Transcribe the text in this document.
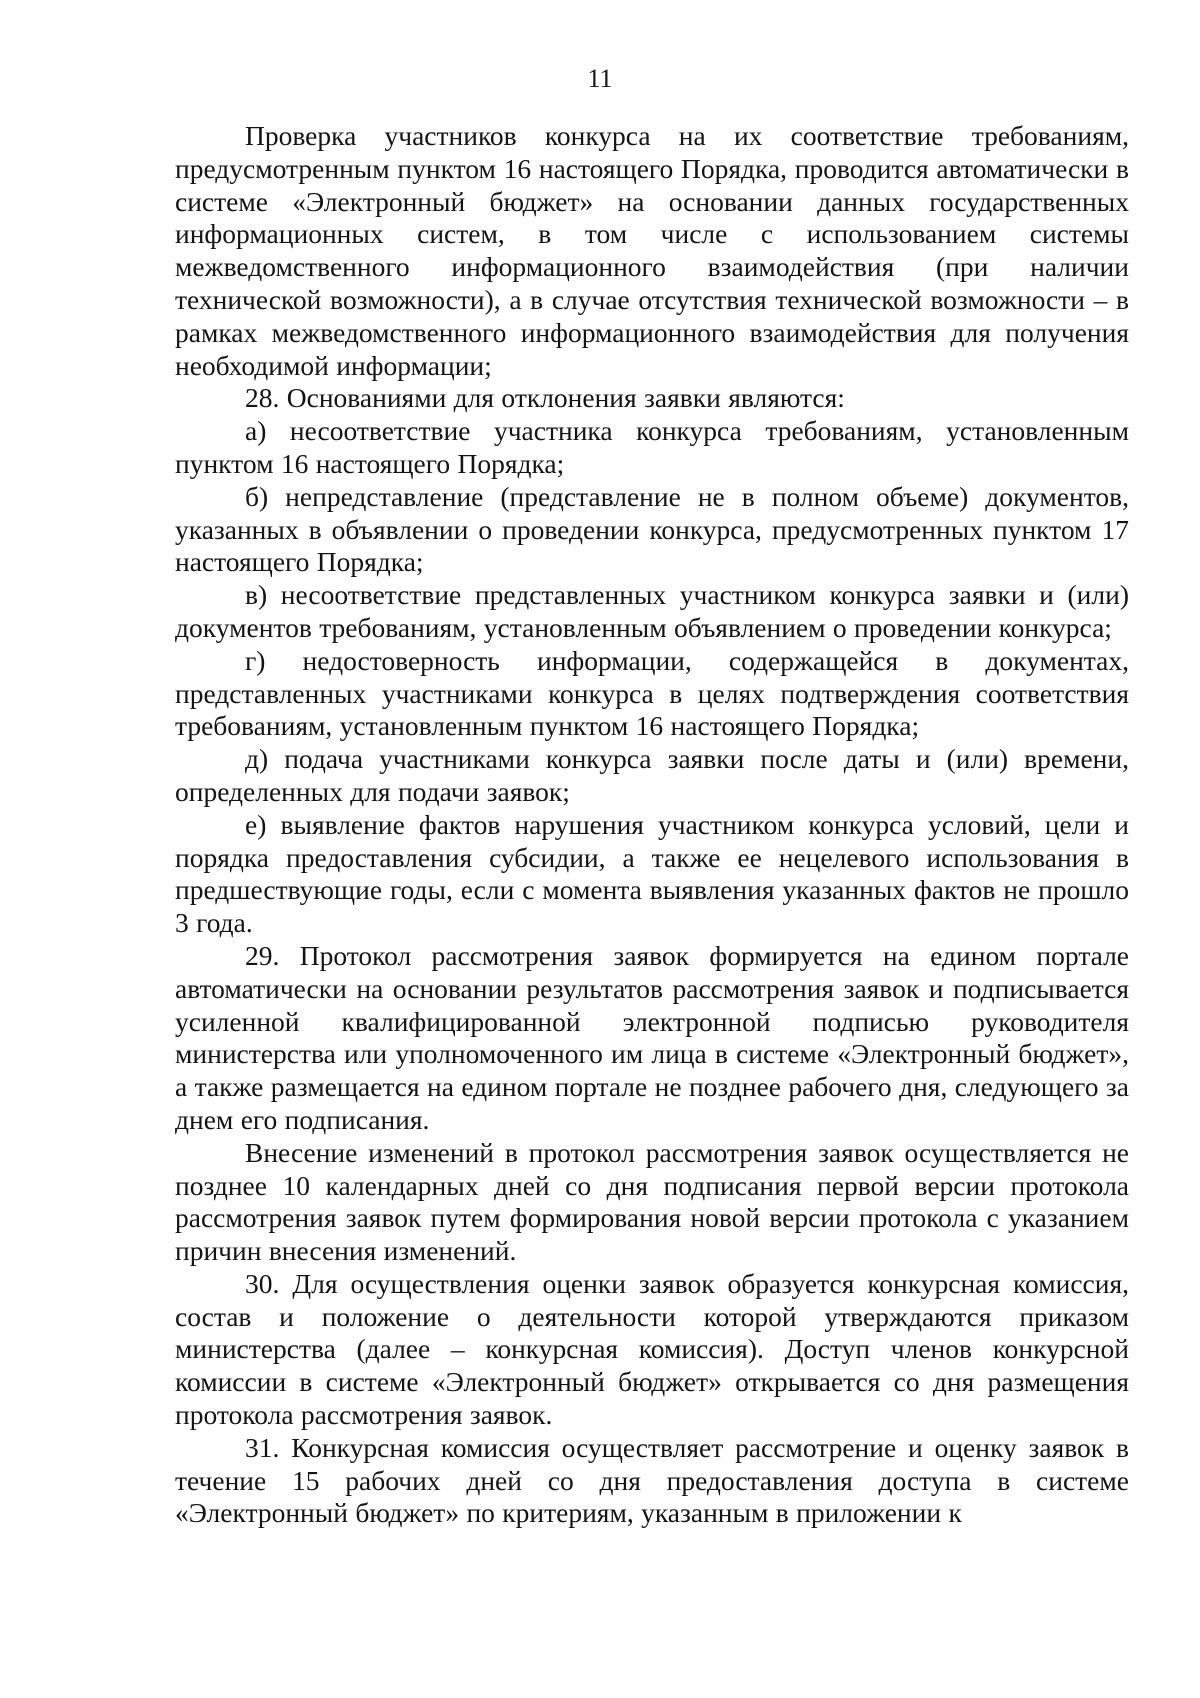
11

Проверка участников конкурса на их соответствие требованиям, предусмотренным пунктом 16 настоящего Порядка, проводится автоматически в системе «Электронный бюджет» на основании данных государственных информационных систем, в том числе с использованием системы межведомственного информационного взаимодействия (при наличии технической возможности), а в случае отсутствия технической возможности – в рамках межведомственного информационного взаимодействия для получения необходимой информации;

28. Основаниями для отклонения заявки являются:

а) несоответствие участника конкурса требованиям, установленным пунктом 16 настоящего Порядка;

б) непредставление (представление не в полном объеме) документов, указанных в объявлении о проведении конкурса, предусмотренных пунктом 17 настоящего Порядка;

в) несоответствие представленных участником конкурса заявки и (или) документов требованиям, установленным объявлением о проведении конкурса;

г) недостоверность информации, содержащейся в документах, представленных участниками конкурса в целях подтверждения соответствия требованиям, установленным пунктом 16 настоящего Порядка;

д) подача участниками конкурса заявки после даты и (или) времени, определенных для подачи заявок;

е) выявление фактов нарушения участником конкурса условий, цели и порядка предоставления субсидии, а также ее нецелевого использования в предшествующие годы, если с момента выявления указанных фактов не прошло 3 года.

29. Протокол рассмотрения заявок формируется на едином портале автоматически на основании результатов рассмотрения заявок и подписывается усиленной квалифицированной электронной подписью руководителя министерства или уполномоченного им лица в системе «Электронный бюджет», а также размещается на едином портале не позднее рабочего дня, следующего за днем его подписания.

Внесение изменений в протокол рассмотрения заявок осуществляется не позднее 10 календарных дней со дня подписания первой версии протокола рассмотрения заявок путем формирования новой версии протокола с указанием причин внесения изменений.

30. Для осуществления оценки заявок образуется конкурсная комиссия, состав и положение о деятельности которой утверждаются приказом министерства (далее – конкурсная комиссия). Доступ членов конкурсной комиссии в системе «Электронный бюджет» открывается со дня размещения протокола рассмотрения заявок.

31. Конкурсная комиссия осуществляет рассмотрение и оценку заявок в течение 15 рабочих дней со дня предоставления доступа в системе «Электронный бюджет» по критериям, указанным в приложении к
